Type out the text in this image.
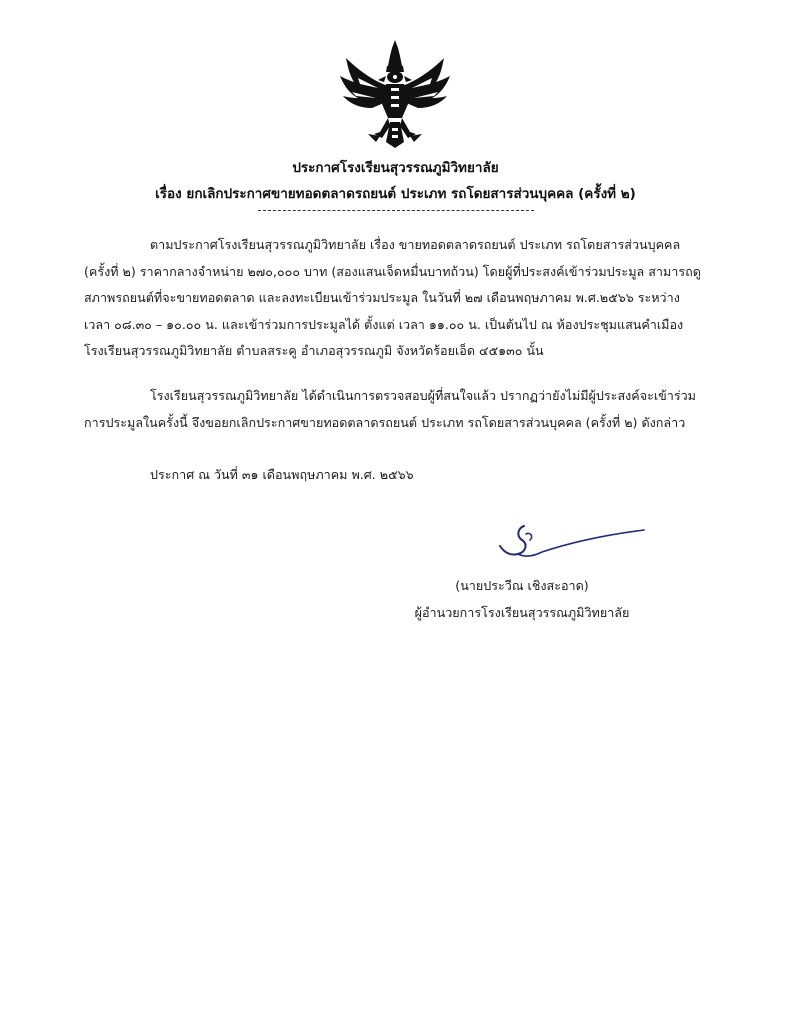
ประกาศโรงเรียนสุวรรณภูมิวิทยาลัย
เรื่อง ยกเลิกประกาศขายทอดตลาดรถยนต์ ประเภท รถโดยสารส่วนบุคคล (ครั้งที่ ๒)
ตามประกาศโรงเรียนสุวรรณภูมิวิทยาลัย เรื่อง ขายทอดตลาดรถยนต์ ประเภท รถโดยสารส่วนบุคคล
(ครั้งที่ ๒) ราคากลางจำหน่าย ๒๗๐,๐๐๐ บาท (สองแสนเจ็ดหมื่นบาทถ้วน) โดยผู้ที่ประสงค์เข้าร่วมประมูล สามารถดู
สภาพรถยนต์ที่จะขายทอดตลาด และลงทะเบียนเข้าร่วมประมูล ในวันที่ ๒๗ เดือนพฤษภาคม พ.ศ.๒๕๖๖ ระหว่าง
เวลา ๐๘.๓๐ – ๑๐.๐๐ น. และเข้าร่วมการประมูลได้ ตั้งแต่ เวลา ๑๑.๐๐ น. เป็นต้นไป ณ ห้องประชุมแสนคำเมือง
โรงเรียนสุวรรณภูมิวิทยาลัย ตำบลสระคู อำเภอสุวรรณภูมิ จังหวัดร้อยเอ็ด ๔๕๑๓๐ นั้น
โรงเรียนสุวรรณภูมิวิทยาลัย ได้ดำเนินการตรวจสอบผู้ที่สนใจแล้ว ปรากฏว่ายังไม่มีผู้ประสงค์จะเข้าร่วม
การประมูลในครั้งนี้ จึงขอยกเลิกประกาศขายทอดตลาดรถยนต์ ประเภท รถโดยสารส่วนบุคคล (ครั้งที่ ๒) ดังกล่าว
ประกาศ ณ วันที่ ๓๑ เดือนพฤษภาคม พ.ศ. ๒๕๖๖
(นายประวีณ เชิงสะอาด)
ผู้อำนวยการโรงเรียนสุวรรณภูมิวิทยาลัย
